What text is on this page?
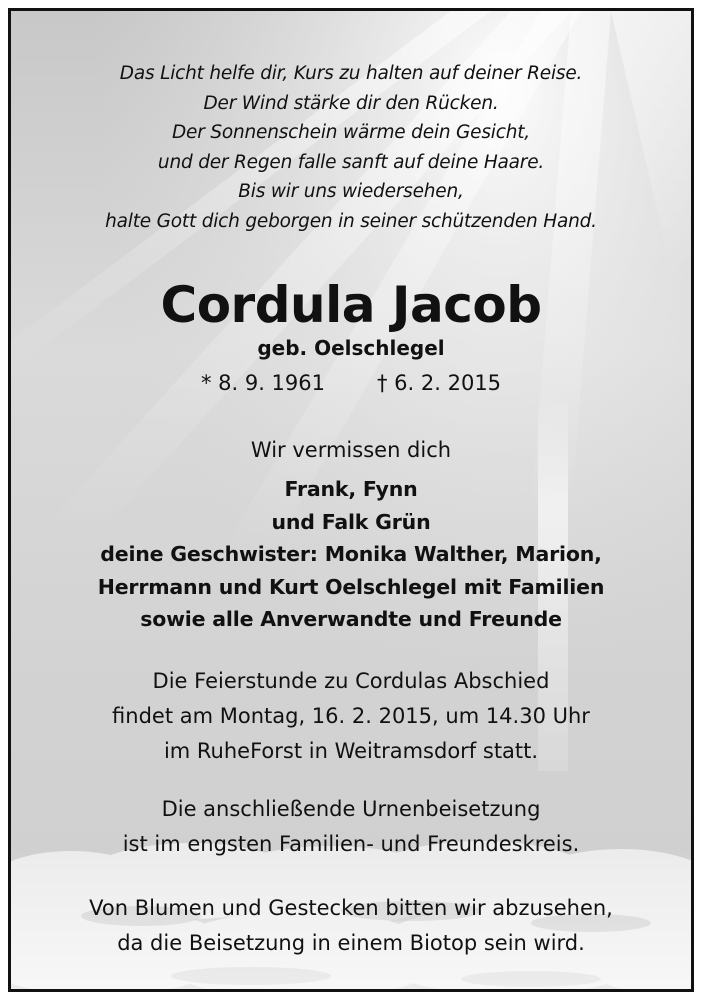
Das Licht helfe dir, Kurs zu halten auf deiner Reise.
Der Wind stärke dir den Rücken.
Der Sonnenschein wärme dein Gesicht,
und der Regen falle sanft auf deine Haare.
Bis wir uns wiedersehen,
halte Gott dich geborgen in seiner schützenden Hand.
Cordula Jacob
geb. Oelschlegel
* 8. 9. 1961 † 6. 2. 2015
Wir vermissen dich
Frank, Fynn
und Falk Grün
deine Geschwister: Monika Walther, Marion,
Herrmann und Kurt Oelschlegel mit Familien
sowie alle Anverwandte und Freunde
Die Feierstunde zu Cordulas Abschied
findet am Montag, 16. 2. 2015, um 14.30 Uhr
im RuheForst in Weitramsdorf statt.
Die anschließende Urnenbeisetzung
ist im engsten Familien- und Freundeskreis.
Von Blumen und Gestecken bitten wir abzusehen,
da die Beisetzung in einem Biotop sein wird.
